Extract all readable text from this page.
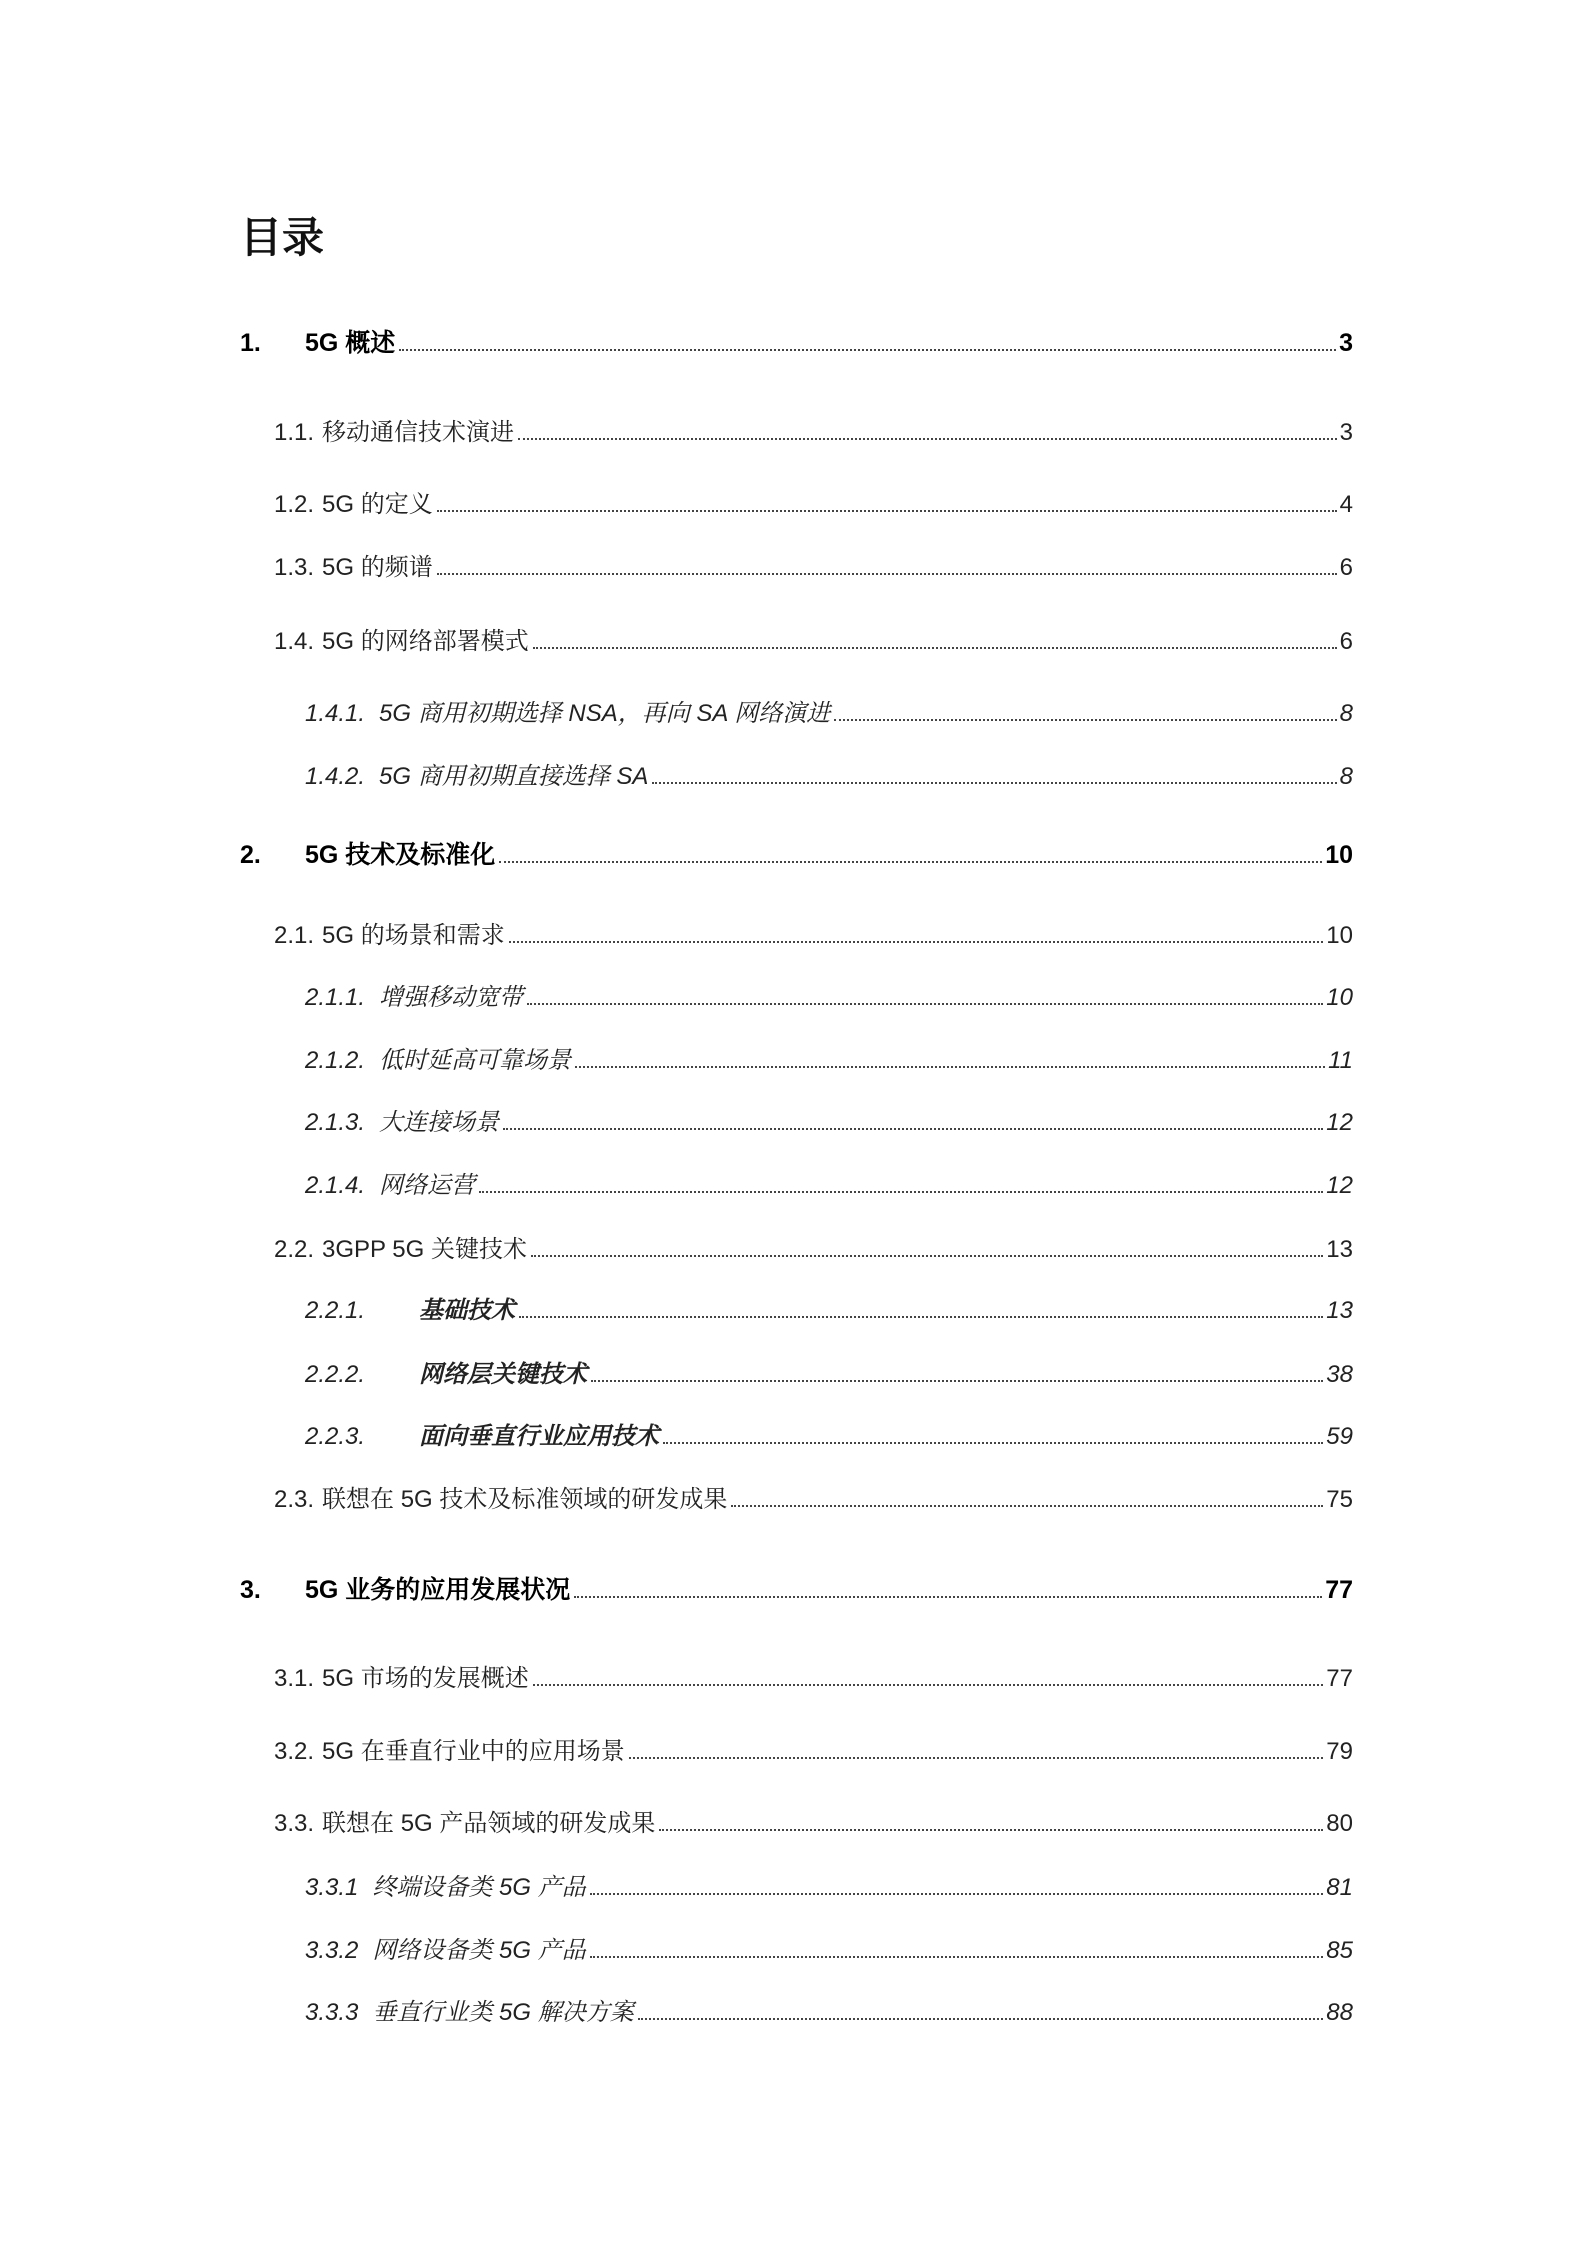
目录
1.	5G 概述	3
1.1. 移动通信技术演进	3
1.2. 5G 的定义	4
1.3. 5G 的频谱	6
1.4. 5G 的网络部署模式	6
1.4.1. 5G 商用初期选择 NSA，再向 SA 网络演进	8
1.4.2. 5G 商用初期直接选择 SA	8
2.	5G 技术及标准化	10
2.1. 5G 的场景和需求	10
2.1.1. 增强移动宽带	10
2.1.2. 低时延高可靠场景	11
2.1.3. 大连接场景	12
2.1.4. 网络运营	12
2.2. 3GPP 5G 关键技术	13
2.2.1.	基础技术	13
2.2.2.	网络层关键技术	38
2.2.3.	面向垂直行业应用技术	59
2.3. 联想在 5G 技术及标准领域的研发成果	75
3.	5G 业务的应用发展状况	77
3.1. 5G 市场的发展概述	77
3.2. 5G 在垂直行业中的应用场景	79
3.3. 联想在 5G 产品领域的研发成果	80
3.3.1 终端设备类 5G 产品	81
3.3.2 网络设备类 5G 产品	85
3.3.3 垂直行业类 5G 解决方案	88
